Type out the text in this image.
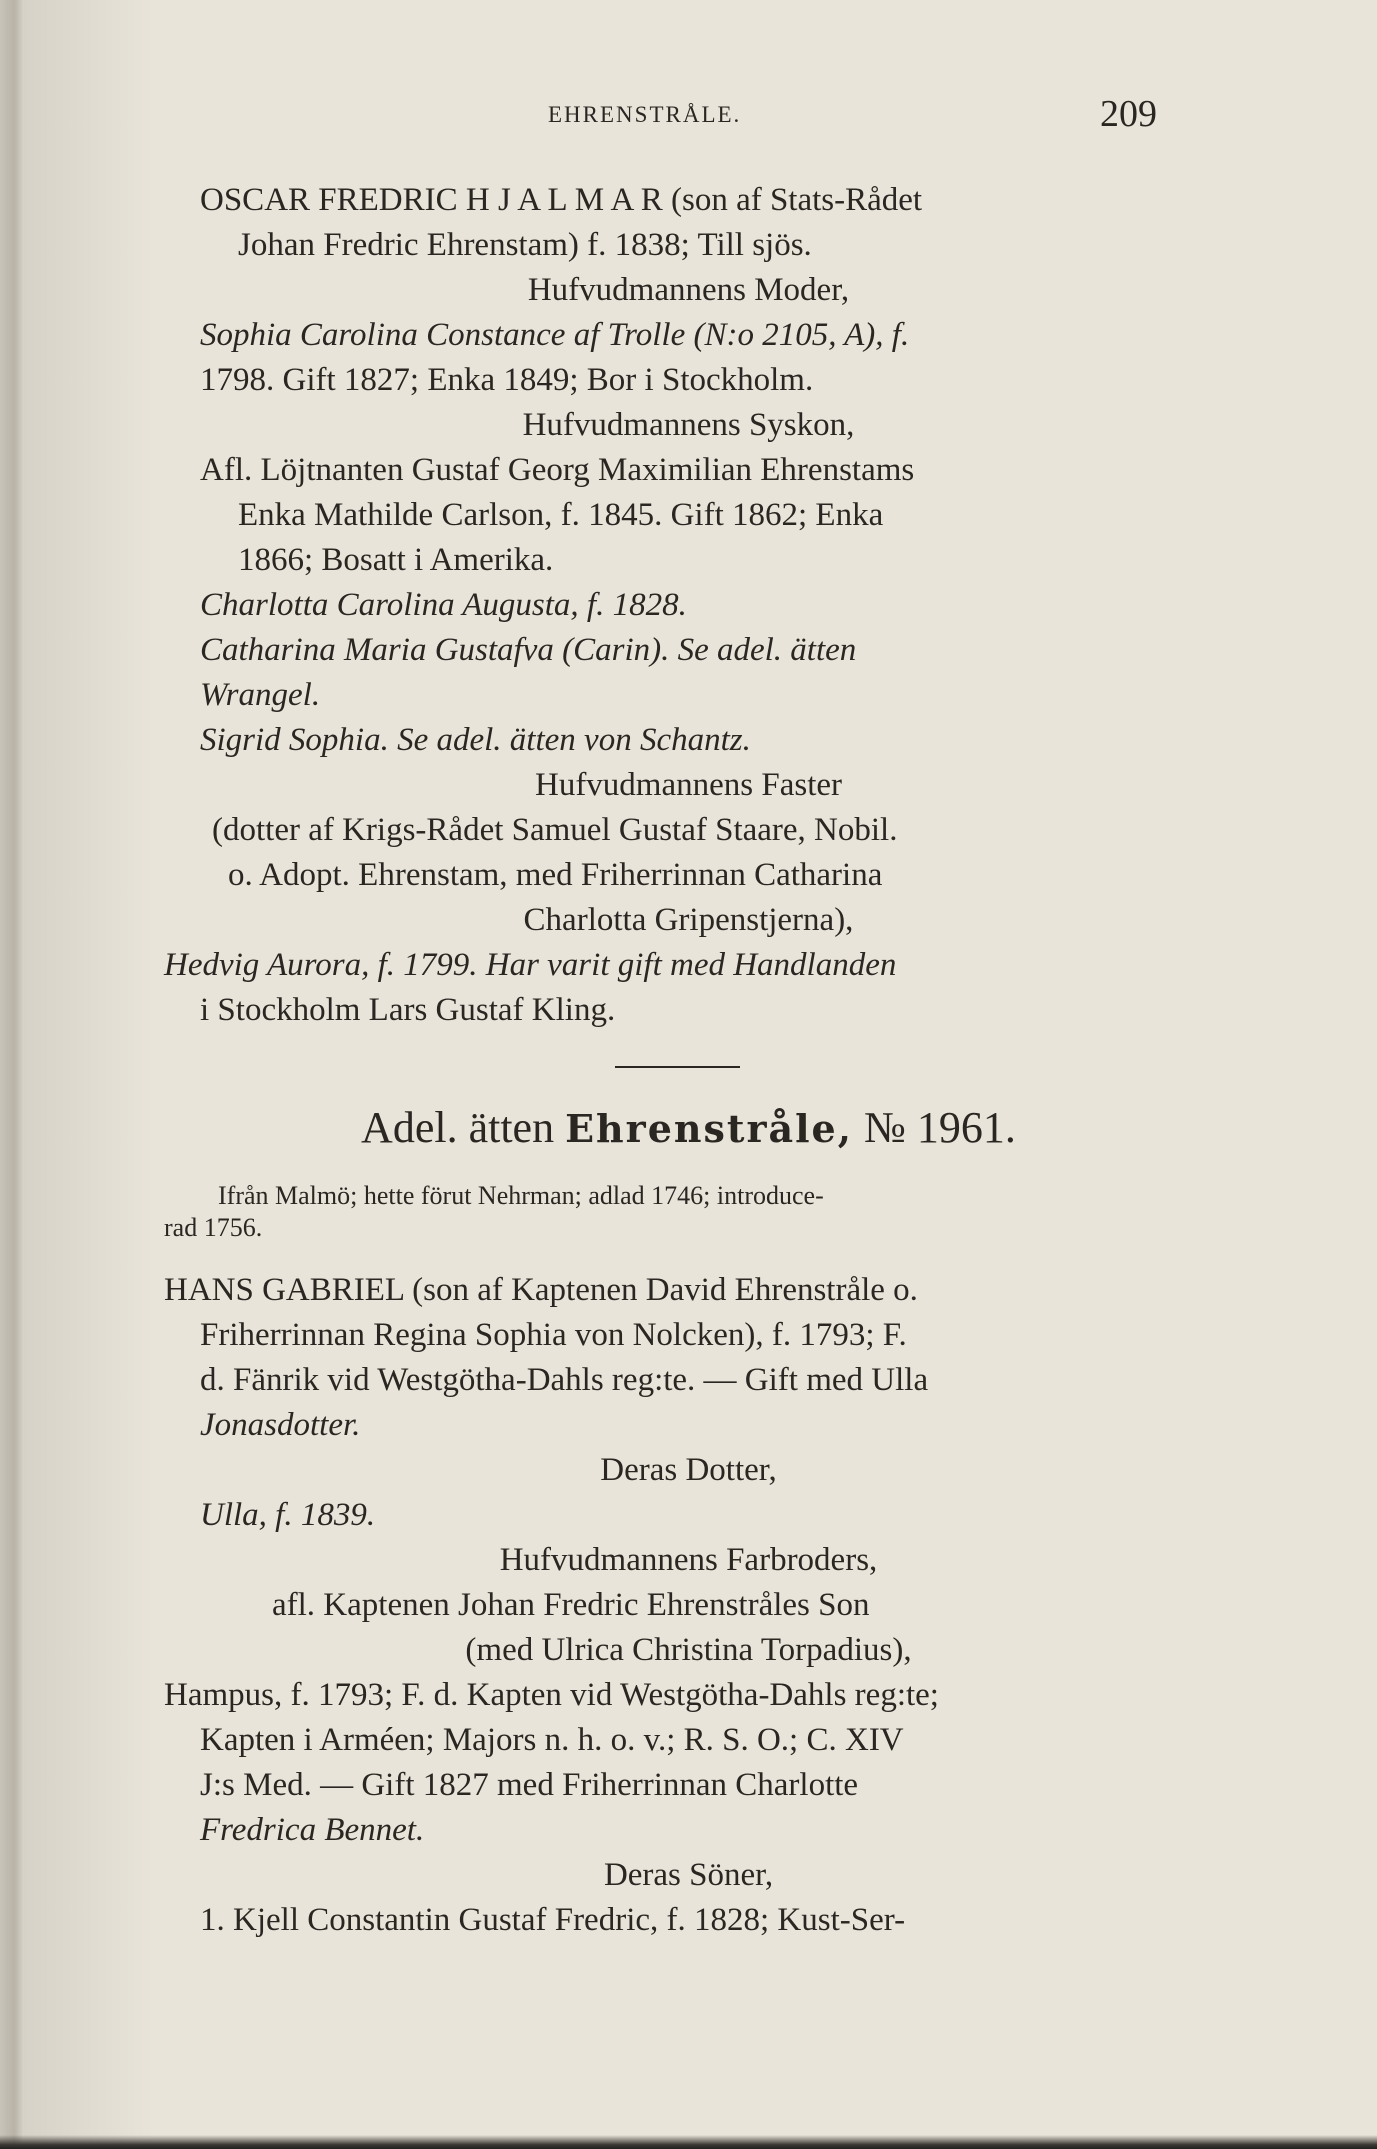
EHRENSTRÅLE.	209
OSCAR FREDRIC H J A L M A R (son af Stats-Rådet
Johan Fredric Ehrenstam) f. 1838; Till sjös.
Hufvudmannens Moder,
Sophia Carolina Constance af Trolle (N:o 2105, A), f.
1798. Gift 1827; Enka 1849; Bor i Stockholm.
Hufvudmannens Syskon,
Afl. Löjtnanten Gustaf Georg Maximilian Ehrenstams
Enka Mathilde Carlson, f. 1845. Gift 1862; Enka
1866; Bosatt i Amerika.
Charlotta Carolina Augusta, f. 1828.
Catharina Maria Gustafva (Carin). Se adel. ätten
Wrangel.
Sigrid Sophia. Se adel. ätten von Schantz.
Hufvudmannens Faster
(dotter af Krigs-Rådet Samuel Gustaf Staare, Nobil.
o. Adopt. Ehrenstam, med Friherrinnan Catharina
Charlotta Gripenstjerna),
Hedvig Aurora, f. 1799. Har varit gift med Handlanden
i Stockholm Lars Gustaf Kling.
Adel. ätten Ehrenstråle, № 1961.
Ifrån Malmö; hette förut Nehrman; adlad 1746; introduce-
rad 1756.
HANS GABRIEL (son af Kaptenen David Ehrenstråle o.
Friherrinnan Regina Sophia von Nolcken), f. 1793; F.
d. Fänrik vid Westgötha-Dahls reg:te. — Gift med Ulla
Jonasdotter.
Deras Dotter,
Ulla, f. 1839.
Hufvudmannens Farbroders,
afl. Kaptenen Johan Fredric Ehrenstråles Son
(med Ulrica Christina Torpadius),
Hampus, f. 1793; F. d. Kapten vid Westgötha-Dahls reg:te;
Kapten i Arméen; Majors n. h. o. v.; R. S. O.; C. XIV
J:s Med. — Gift 1827 med Friherrinnan Charlotte
Fredrica Bennet.
Deras Söner,
1. Kjell Constantin Gustaf Fredric, f. 1828; Kust-Ser-
